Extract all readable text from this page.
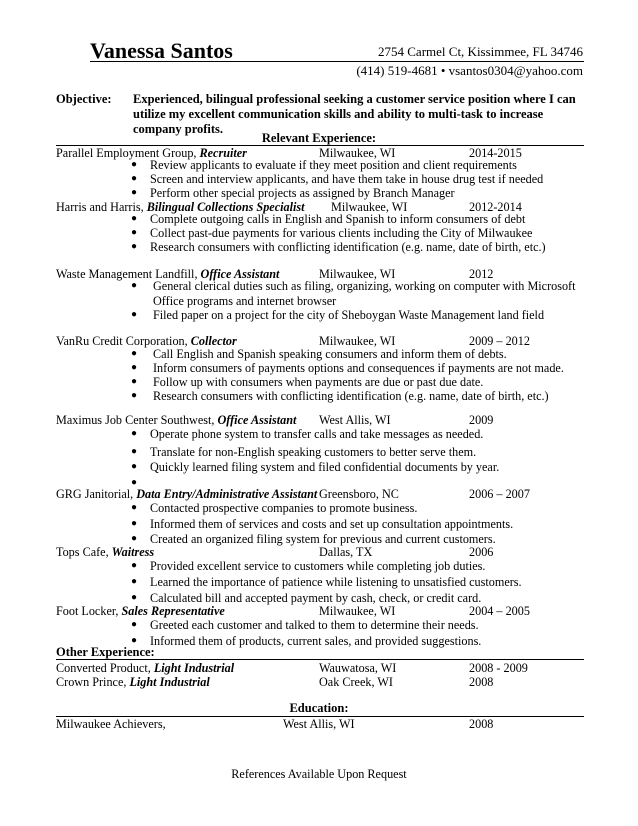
Vanessa Santos	2754 Carmel Ct, Kissimmee, FL 34746
(414) 519-4681 • vsantos0304@yahoo.com
Objective: Experienced, bilingual professional seeking a customer service position where I can utilize my excellent communication skills and ability to multi-task to increase company profits.
Relevant Experience:
Parallel Employment Group, Recruiter	Milwaukee, WI	2014-2015
● Review applicants to evaluate if they meet position and client requirements
● Screen and interview applicants, and have them take in house drug test if needed
● Perform other special projects as assigned by Branch Manager
Harris and Harris, Bilingual Collections Specialist Milwaukee, WI	2012-2014
● Complete outgoing calls in English and Spanish to inform consumers of debt
● Collect past-due payments for various clients including the City of Milwaukee
● Research consumers with conflicting identification (e.g. name, date of birth, etc.)
Waste Management Landfill, Office Assistant	Milwaukee, WI	2012
● General clerical duties such as filing, organizing, working on computer with Microsoft
Office programs and internet browser
● Filed paper on a project for the city of Sheboygan Waste Management land field
VanRu Credit Corporation, Collector	Milwaukee, WI	2009 – 2012
● Call English and Spanish speaking consumers and inform them of debts.
● Inform consumers of payments options and consequences if payments are not made.
● Follow up with consumers when payments are due or past due date.
● Research consumers with conflicting identification (e.g. name, date of birth, etc.)
Maximus Job Center Southwest, Office Assistant West Allis, WI	2009
● Operate phone system to transfer calls and take messages as needed.
● Translate for non-English speaking customers to better serve them.
● Quickly learned filing system and filed confidential documents by year.
●
GRG Janitorial, Data Entry/Administrative Assistant Greensboro, NC	2006 – 2007
● Contacted prospective companies to promote business.
● Informed them of services and costs and set up consultation appointments.
● Created an organized filing system for previous and current customers.
Tops Cafe, Waitress	Dallas, TX	2006
● Provided excellent service to customers while completing job duties.
● Learned the importance of patience while listening to unsatisfied customers.
● Calculated bill and accepted payment by cash, check, or credit card.
Foot Locker, Sales Representative	Milwaukee, WI	2004 – 2005
● Greeted each customer and talked to them to determine their needs.
● Informed them of products, current sales, and provided suggestions.
Other Experience:
Converted Product, Light Industrial	Wauwatosa, WI	2008 - 2009
Crown Prince, Light Industrial	Oak Creek, WI	2008
Education:
Milwaukee Achievers,	West Allis, WI	2008
References Available Upon Request
